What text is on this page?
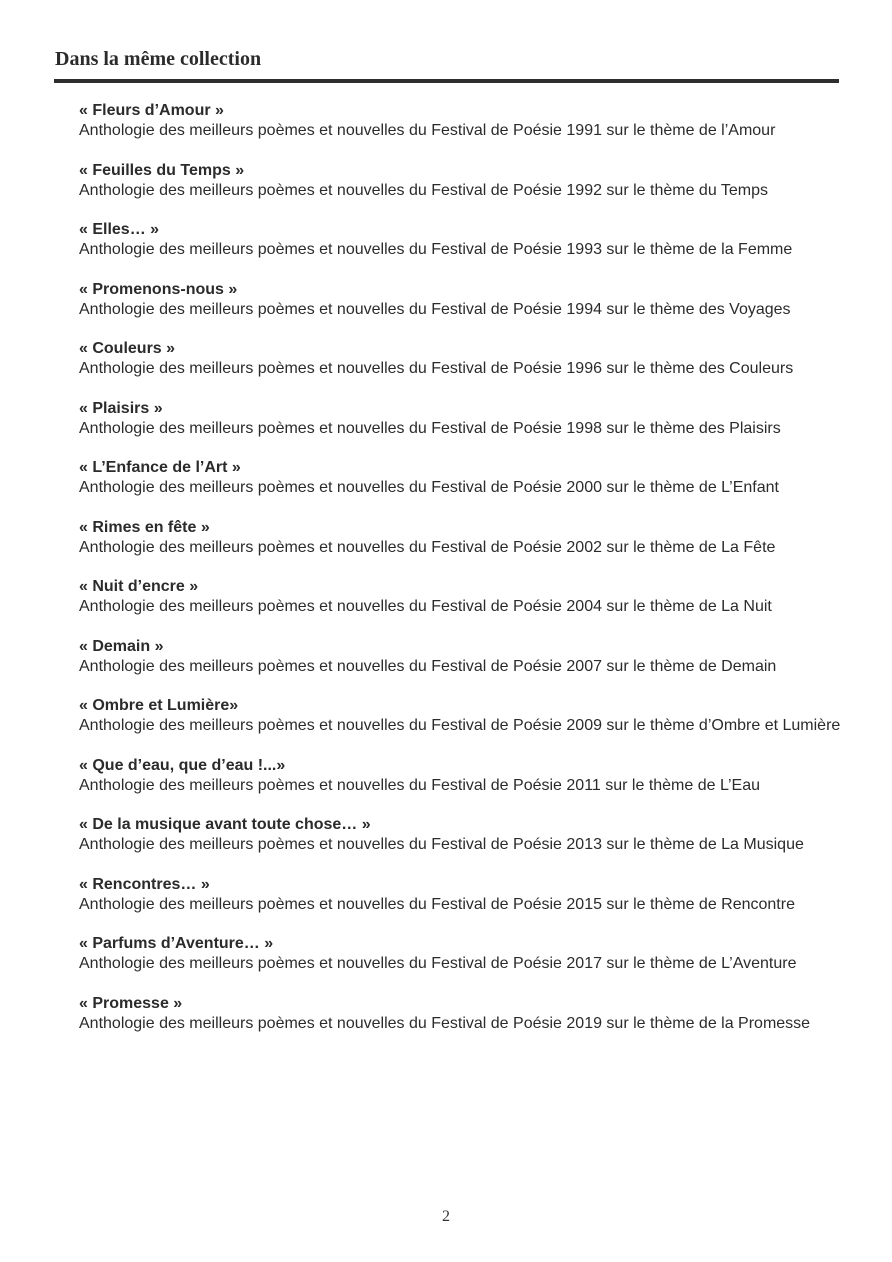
Dans la même collection
« Fleurs d’Amour »
Anthologie des meilleurs poèmes et nouvelles du Festival de Poésie 1991 sur le thème de l’Amour
« Feuilles du Temps »
Anthologie des meilleurs poèmes et nouvelles du Festival de Poésie 1992 sur le thème du Temps
« Elles… »
Anthologie des meilleurs poèmes et nouvelles du Festival de Poésie 1993 sur le thème de la Femme
« Promenons-nous »
Anthologie des meilleurs poèmes et nouvelles du Festival de Poésie 1994 sur le thème des Voyages
« Couleurs »
Anthologie des meilleurs poèmes et nouvelles du Festival de Poésie 1996 sur le thème des Couleurs
« Plaisirs »
Anthologie des meilleurs poèmes et nouvelles du Festival de Poésie 1998 sur le thème des Plaisirs
« L’Enfance de l’Art »
Anthologie des meilleurs poèmes et nouvelles du Festival de Poésie 2000 sur le thème de L’Enfant
« Rimes en fête »
Anthologie des meilleurs poèmes et nouvelles du Festival de Poésie 2002 sur le thème de La Fête
« Nuit d’encre »
Anthologie des meilleurs poèmes et nouvelles du Festival de Poésie 2004 sur le thème de La Nuit
« Demain »
Anthologie des meilleurs poèmes et nouvelles du Festival de Poésie 2007 sur le thème de Demain
« Ombre et Lumière»
Anthologie des meilleurs poèmes et nouvelles du Festival de Poésie 2009 sur le thème d’Ombre et Lumière
« Que d’eau, que d’eau !...»
Anthologie des meilleurs poèmes et nouvelles du Festival de Poésie 2011 sur le thème de L’Eau
« De la musique avant toute chose… »
Anthologie des meilleurs poèmes et nouvelles du Festival de Poésie 2013 sur le thème de La Musique
« Rencontres… »
Anthologie des meilleurs poèmes et nouvelles du Festival de Poésie 2015 sur le thème de Rencontre
« Parfums d’Aventure… »
Anthologie des meilleurs poèmes et nouvelles du Festival de Poésie 2017 sur le thème de L’Aventure
« Promesse »
Anthologie des meilleurs poèmes et nouvelles du Festival de Poésie 2019 sur le thème de la Promesse
2
